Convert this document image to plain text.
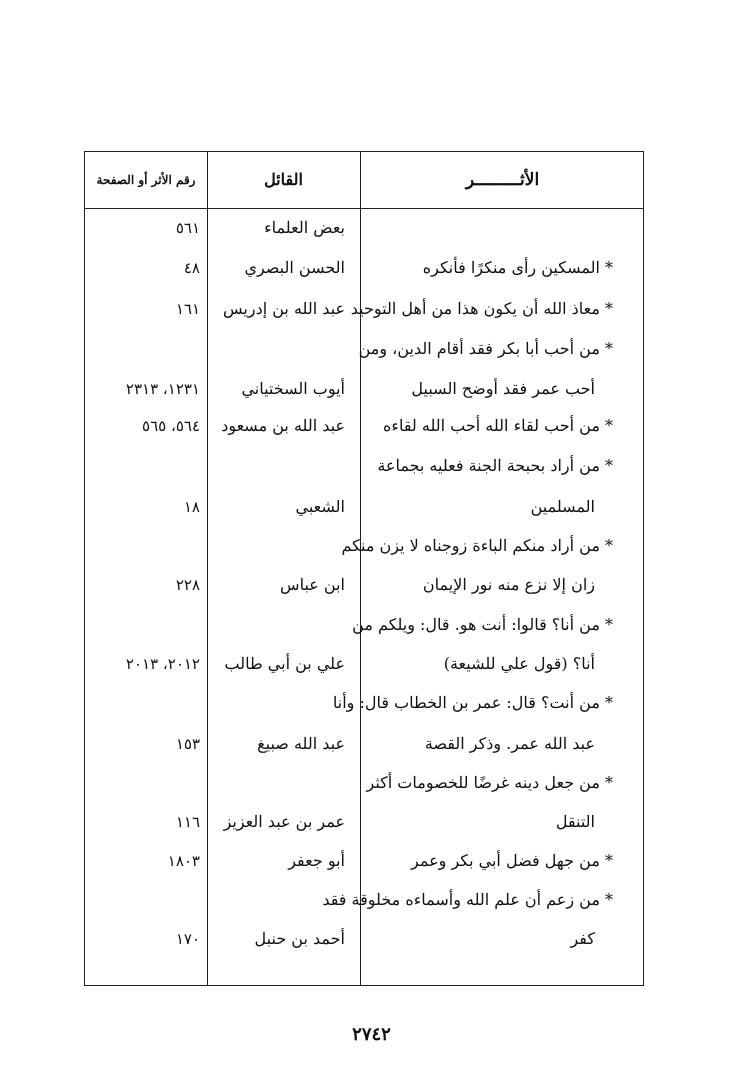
الأثـــــــــر
القائل
رقم الأثر أو الصفحة
* المسكين رأى منكرًا فأنكره
* معاذ الله أن يكون هذا من أهل التوحيد
* من أحب أبا بكر فقد أقام الدين، ومن
أحب عمر فقد أوضح السبيل
* من أحب لقاء الله أحب الله لقاءه
* من أراد بحبحة الجنة فعليه بجماعة
المسلمين
* من أراد منكم الباءة زوجناه لا يزن منكم
زان إلا نزع منه نور الإيمان
* من أنا؟ قالوا: أنت هو. قال: ويلكم من
أنا؟ (قول علي للشيعة)
* من أنت؟ قال: عمر بن الخطاب قال: وأنا
عبد الله عمر. وذكر القصة
* من جعل دينه غرضًا للخصومات أكثر
التنقل
* من جهل فضل أبي بكر وعمر
* من زعم أن علم الله وأسماءه مخلوقة فقد
كفر
بعض العلماء
الحسن البصري
عبد الله بن إدريس
أيوب السختياني
عبد الله بن مسعود
الشعبي
ابن عباس
علي بن أبي طالب
عبد الله صبيغ
عمر بن عبد العزيز
أبو جعفر
أحمد بن حنبل
٥٦١
٤٨
١٦١
١٢٣١، ٢٣١٣
٥٦٤، ٥٦٥
١٨
٢٢٨
٢٠١٢، ٢٠١٣
١٥٣
١١٦
١٨٠٣
١٧٠
٢٧٤٢
